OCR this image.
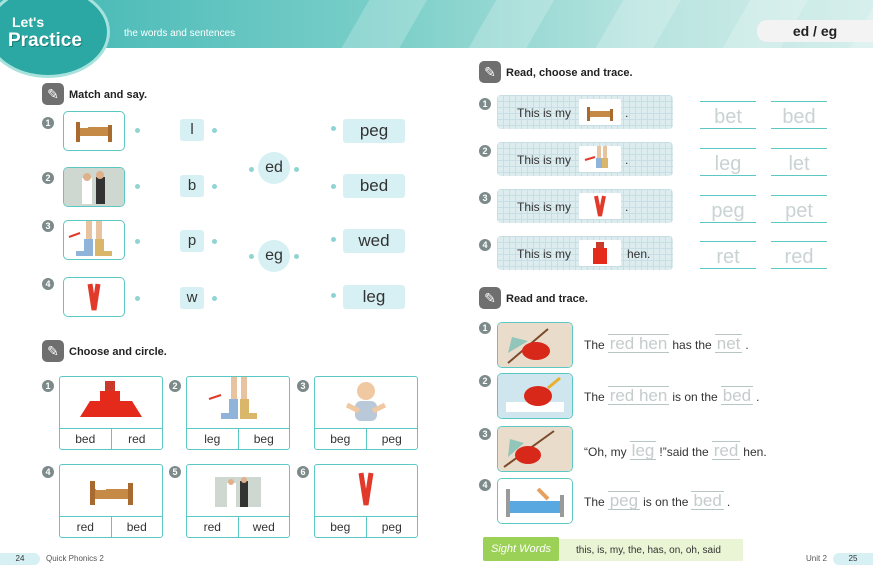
Let's
Practice	the words and sentences	ed / eg
✎ Match and say.
1	l
2	b
3
p
4
w
ed
eg
peg
bed
wed
leg
✎ Choose and circle.
1
bed	red
2
leg	beg
3
beg	peg
4
red	bed
5
red	wed
6
beg	peg
✎ Read, choose and trace.
1
This is my	.	bet	bed
2
This is my	.	leg	let
3
This is my	.	peg	pet
4
This is my	hen.	ret	red
✎ Read and trace.
1
The red hen has the net .
2
The red hen is on the bed .
3
“Oh, my leg !”said the red hen.
4
The peg is on the bed .
Sight Words	this, is, my, the, has, on, oh, said
24	Quick Phonics 2	Unit 2	25
